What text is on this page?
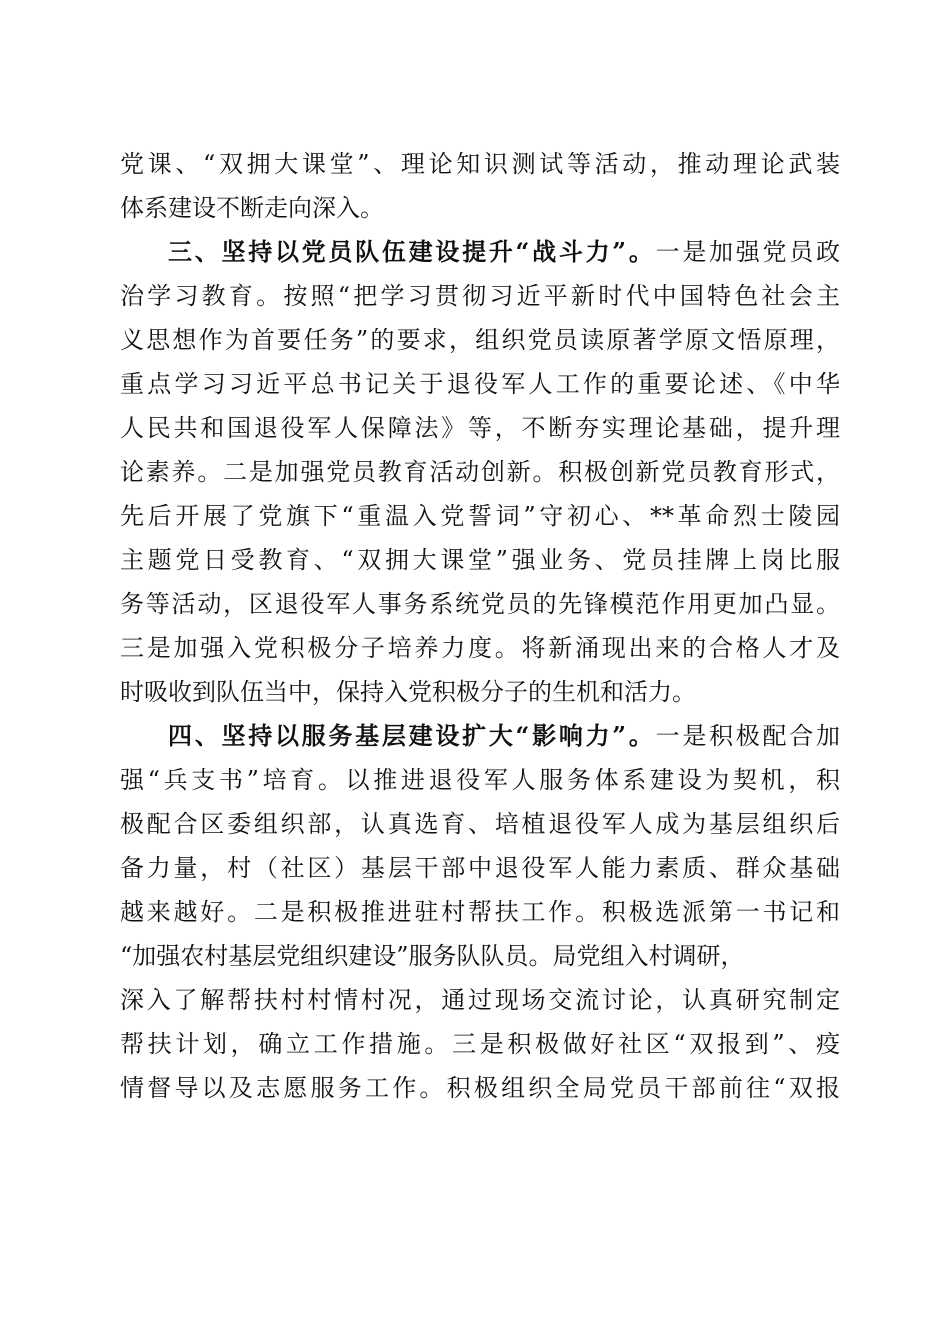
党课、“双拥大课堂”、理论知识测试等活动，推动理论武装
体系建设不断走向深入。
三、坚持以党员队伍建设提升“战斗力”。一是加强党员政
治学习教育。按照“把学习贯彻习近平新时代中国特色社会主
义思想作为首要任务”的要求，组织党员读原著学原文悟原理，
重点学习习近平总书记关于退役军人工作的重要论述、《中华
人民共和国退役军人保障法》等，不断夯实理论基础，提升理
论素养。二是加强党员教育活动创新。积极创新党员教育形式，
先后开展了党旗下“重温入党誓词”守初心、**革命烈士陵园
主题党日受教育、“双拥大课堂”强业务、党员挂牌上岗比服
务等活动，区退役军人事务系统党员的先锋模范作用更加凸显。
三是加强入党积极分子培养力度。将新涌现出来的合格人才及
时吸收到队伍当中，保持入党积极分子的生机和活力。
四、坚持以服务基层建设扩大“影响力”。一是积极配合加
强“兵支书”培育。以推进退役军人服务体系建设为契机，积
极配合区委组织部，认真选育、培植退役军人成为基层组织后
备力量，村（社区）基层干部中退役军人能力素质、群众基础
越来越好。二是积极推进驻村帮扶工作。积极选派第一书记和
“加强农村基层党组织建设”服务队队员。局党组入村调研，
深入了解帮扶村村情村况，通过现场交流讨论，认真研究制定
帮扶计划，确立工作措施。三是积极做好社区“双报到”、疫
情督导以及志愿服务工作。积极组织全局党员干部前往“双报
